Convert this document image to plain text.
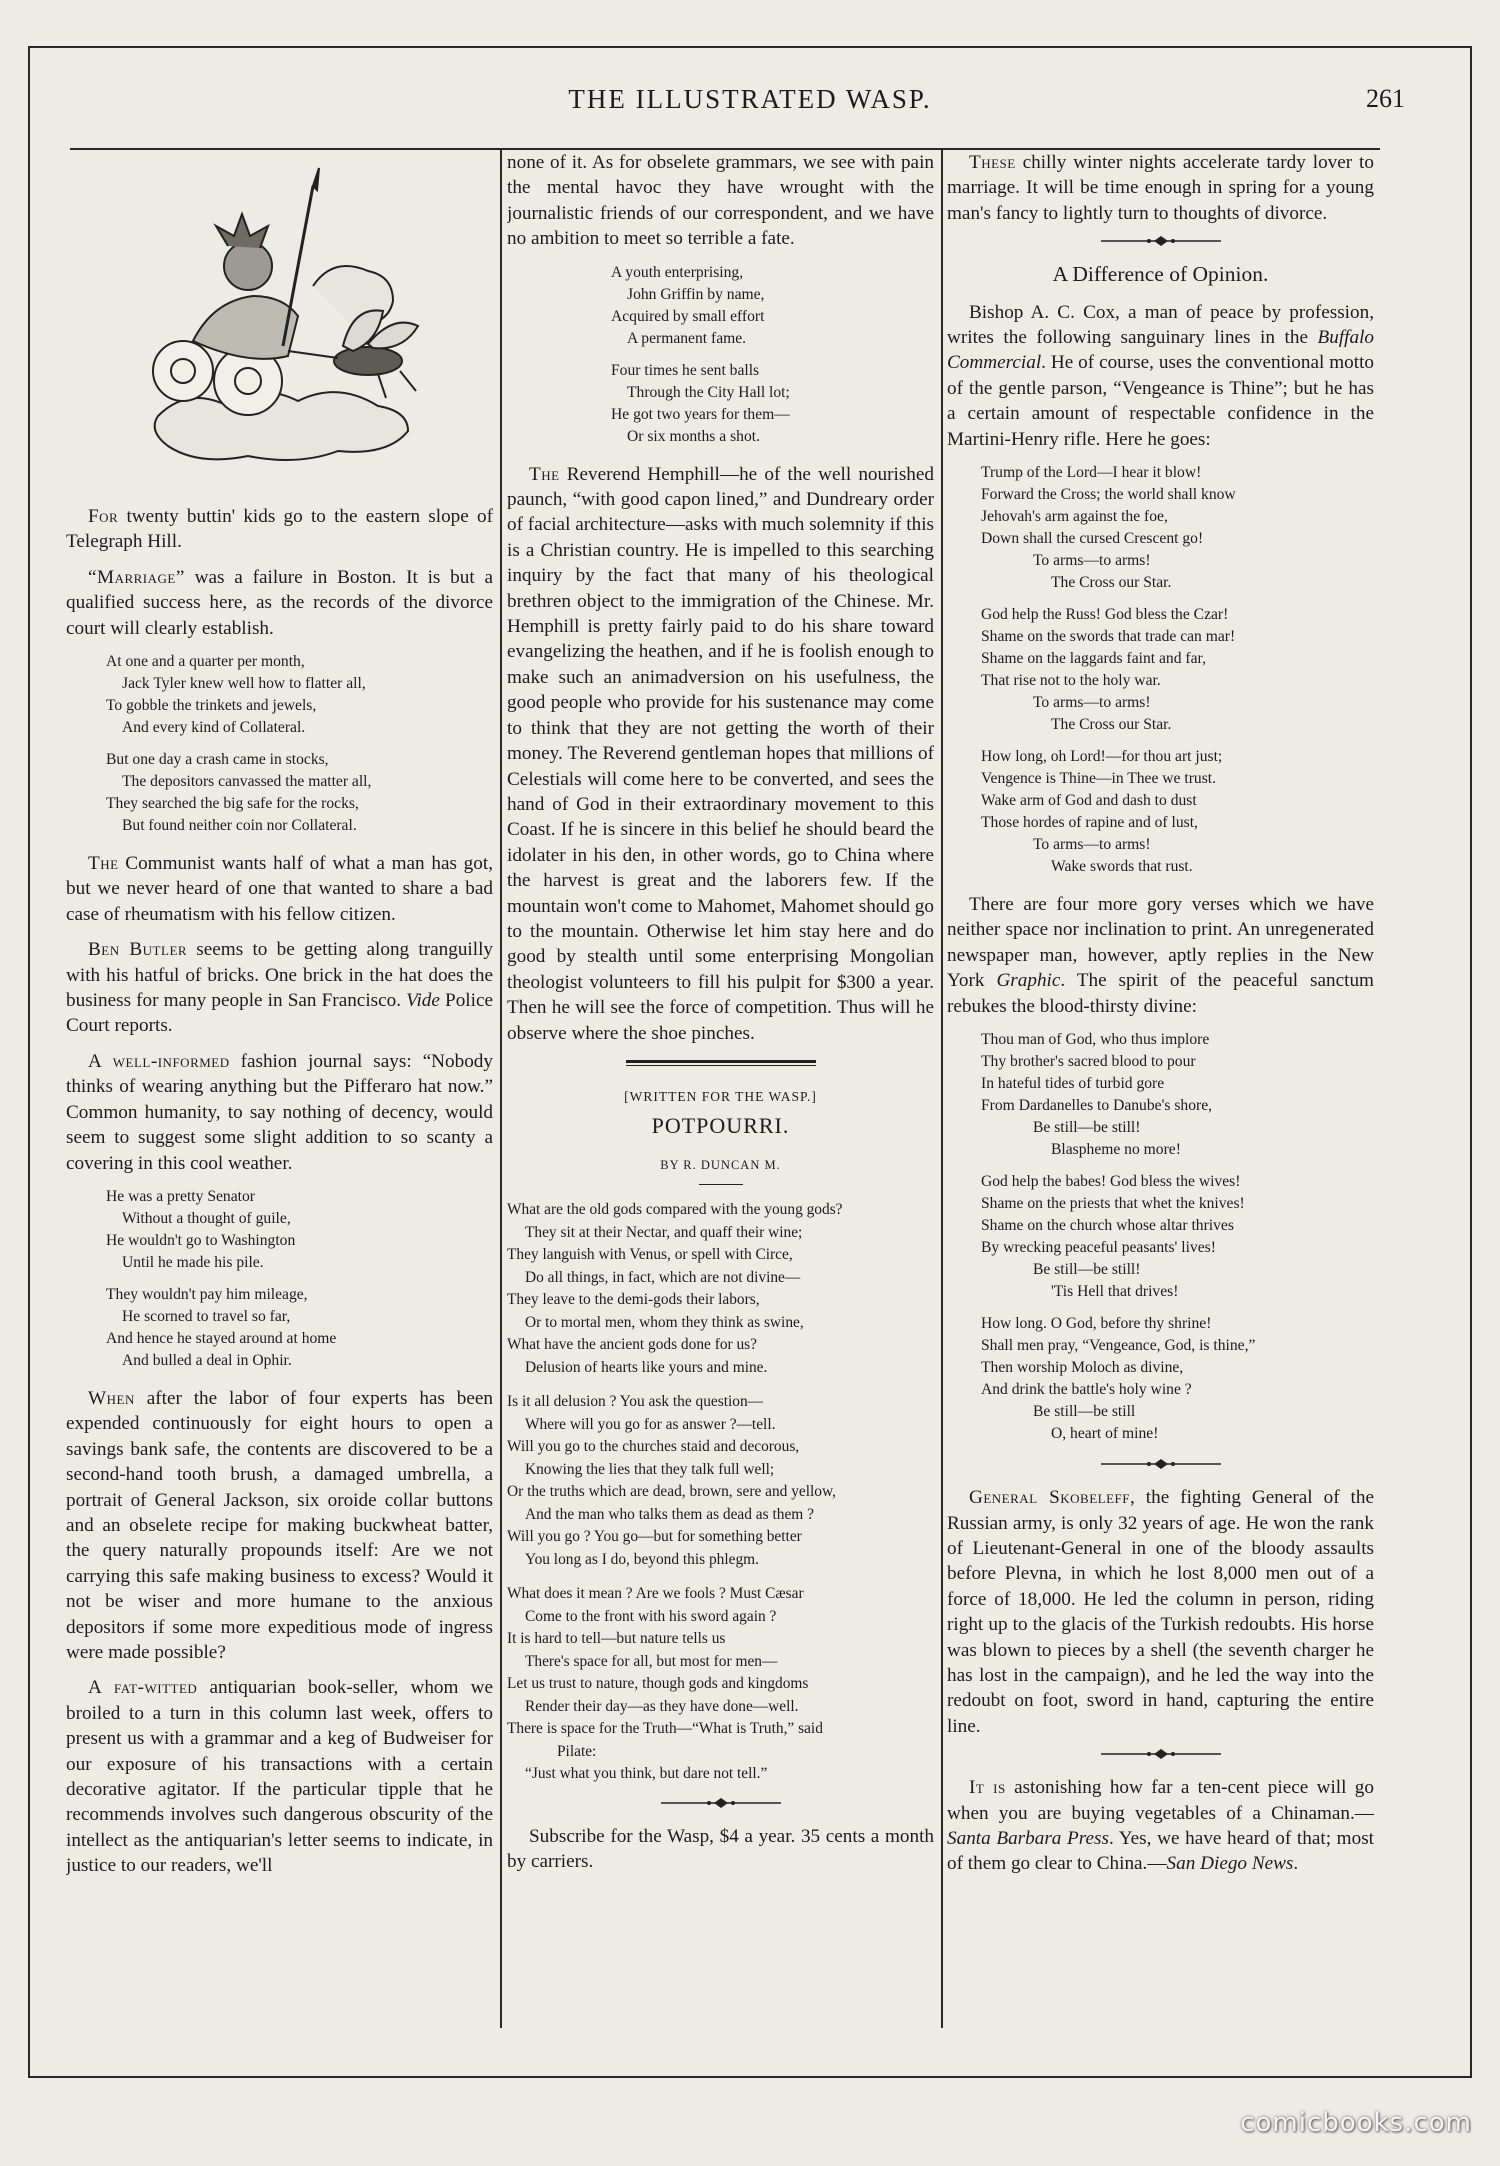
THE ILLUSTRATED WASP.	261

For twenty buttin' kids go to the eastern slope of Telegraph Hill.

“Marriage” was a failure in Boston. It is but a qualified success here, as the records of the divorce court will clearly establish.

At one and a quarter per month,
Jack Tyler knew well how to flatter all,
To gobble the trinkets and jewels,
And every kind of Collateral.
But one day a crash came in stocks,
The depositors canvassed the matter all,
They searched the big safe for the rocks,
But found neither coin nor Collateral.

The Communist wants half of what a man has got, but we never heard of one that wanted to share a bad case of rheumatism with his fellow citizen.

Ben Butler seems to be getting along tranguilly with his hatful of bricks. One brick in the hat does the business for many people in San Francisco. Vide Police Court reports.

A well-informed fashion journal says: “Nobody thinks of wearing anything but the Pifferaro hat now.” Common humanity, to say nothing of decency, would seem to suggest some slight addition to so scanty a covering in this cool weather.

He was a pretty Senator
Without a thought of guile,
He wouldn't go to Washington
Until he made his pile.
They wouldn't pay him mileage,
He scorned to travel so far,
And hence he stayed around at home
And bulled a deal in Ophir.

When after the labor of four experts has been expended continuously for eight hours to open a savings bank safe, the contents are discovered to be a second-hand tooth brush, a damaged umbrella, a portrait of General Jackson, six oroide collar buttons and an obselete recipe for making buckwheat batter, the query naturally propounds itself: Are we not carrying this safe making business to excess? Would it not be wiser and more humane to the anxious depositors if some more expeditious mode of ingress were made possible?

A fat-witted antiquarian book-seller, whom we broiled to a turn in this column last week, offers to present us with a grammar and a keg of Budweiser for our exposure of his transactions with a certain decorative agitator. If the particular tipple that he recommends involves such dangerous obscurity of the intellect as the antiquarian's letter seems to indicate, in justice to our readers, we'll

none of it. As for obselete grammars, we see with pain the mental havoc they have wrought with the journalistic friends of our correspondent, and we have no ambition to meet so terrible a fate.

A youth enterprising,
John Griffin by name,
Acquired by small effort
A permanent fame.
Four times he sent balls
Through the City Hall lot;
He got two years for them—
Or six months a shot.

The Reverend Hemphill—he of the well nourished paunch, “with good capon lined,” and Dundreary order of facial architecture—asks with much solemnity if this is a Christian country. He is impelled to this searching inquiry by the fact that many of his theological brethren object to the immigration of the Chinese. Mr. Hemphill is pretty fairly paid to do his share toward evangelizing the heathen, and if he is foolish enough to make such an animadversion on his usefulness, the good people who provide for his sustenance may come to think that they are not getting the worth of their money. The Reverend gentleman hopes that millions of Celestials will come here to be converted, and sees the hand of God in their extraordinary movement to this Coast. If he is sincere in this belief he should beard the idolater in his den, in other words, go to China where the harvest is great and the laborers few. If the mountain won't come to Mahomet, Mahomet should go to the mountain. Otherwise let him stay here and do good by stealth until some enterprising Mongolian theologist volunteers to fill his pulpit for $300 a year. Then he will see the force of competition. Thus will he observe where the shoe pinches.

[WRITTEN FOR THE WASP.]
POTPOURRI.
BY R. DUNCAN M.
What are the old gods compared with the young gods?
They sit at their Nectar, and quaff their wine;
They languish with Venus, or spell with Circe,
Do all things, in fact, which are not divine—
They leave to the demi-gods their labors,
Or to mortal men, whom they think as swine,
What have the ancient gods done for us?
Delusion of hearts like yours and mine.
Is it all delusion ? You ask the question—
Where will you go for as answer ?—tell.
Will you go to the churches staid and decorous,
Knowing the lies that they talk full well;
Or the truths which are dead, brown, sere and yellow,
And the man who talks them as dead as them ?
Will you go ? You go—but for something better
You long as I do, beyond this phlegm.
What does it mean ? Are we fools ? Must Cæsar
Come to the front with his sword again ?
It is hard to tell—but nature tells us
There's space for all, but most for men—
Let us trust to nature, though gods and kingdoms
Render their day—as they have done—well.
There is space for the Truth—“What is Truth,” said
Pilate:
“Just what you think, but dare not tell.”

Subscribe for the Wasp, $4 a year. 35 cents a month by carriers.

These chilly winter nights accelerate tardy lover to marriage. It will be time enough in spring for a young man's fancy to lightly turn to thoughts of divorce.

A Difference of Opinion.

Bishop A. C. Cox, a man of peace by profession, writes the following sanguinary lines in the Buffalo Commercial. He of course, uses the conventional motto of the gentle parson, “Vengeance is Thine”; but he has a certain amount of respectable confidence in the Martini-Henry rifle. Here he goes:

Trump of the Lord—I hear it blow!
Forward the Cross; the world shall know
Jehovah's arm against the foe,
Down shall the cursed Crescent go!
To arms—to arms!
The Cross our Star.
God help the Russ! God bless the Czar!
Shame on the swords that trade can mar!
Shame on the laggards faint and far,
That rise not to the holy war.
To arms—to arms!
The Cross our Star.
How long, oh Lord!—for thou art just;
Vengence is Thine—in Thee we trust.
Wake arm of God and dash to dust
Those hordes of rapine and of lust,
To arms—to arms!
Wake swords that rust.

There are four more gory verses which we have neither space nor inclination to print. An unregenerated newspaper man, however, aptly replies in the New York Graphic. The spirit of the peaceful sanctum rebukes the blood-thirsty divine:

Thou man of God, who thus implore
Thy brother's sacred blood to pour
In hateful tides of turbid gore
From Dardanelles to Danube's shore,
Be still—be still!
Blaspheme no more!
God help the babes! God bless the wives!
Shame on the priests that whet the knives!
Shame on the church whose altar thrives
By wrecking peaceful peasants' lives!
Be still—be still!
'Tis Hell that drives!
How long. O God, before thy shrine!
Shall men pray, “Vengeance, God, is thine,”
Then worship Moloch as divine,
And drink the battle's holy wine ?
Be still—be still
O, heart of mine!

General Skobeleff, the fighting General of the Russian army, is only 32 years of age. He won the rank of Lieutenant-General in one of the bloody assaults before Plevna, in which he lost 8,000 men out of a force of 18,000. He led the column in person, riding right up to the glacis of the Turkish redoubts. His horse was blown to pieces by a shell (the seventh charger he has lost in the campaign), and he led the way into the redoubt on foot, sword in hand, capturing the entire line.

It is astonishing how far a ten-cent piece will go when you are buying vegetables of a Chinaman.—Santa Barbara Press. Yes, we have heard of that; most of them go clear to China.—San Diego News.

comicbooks.com
